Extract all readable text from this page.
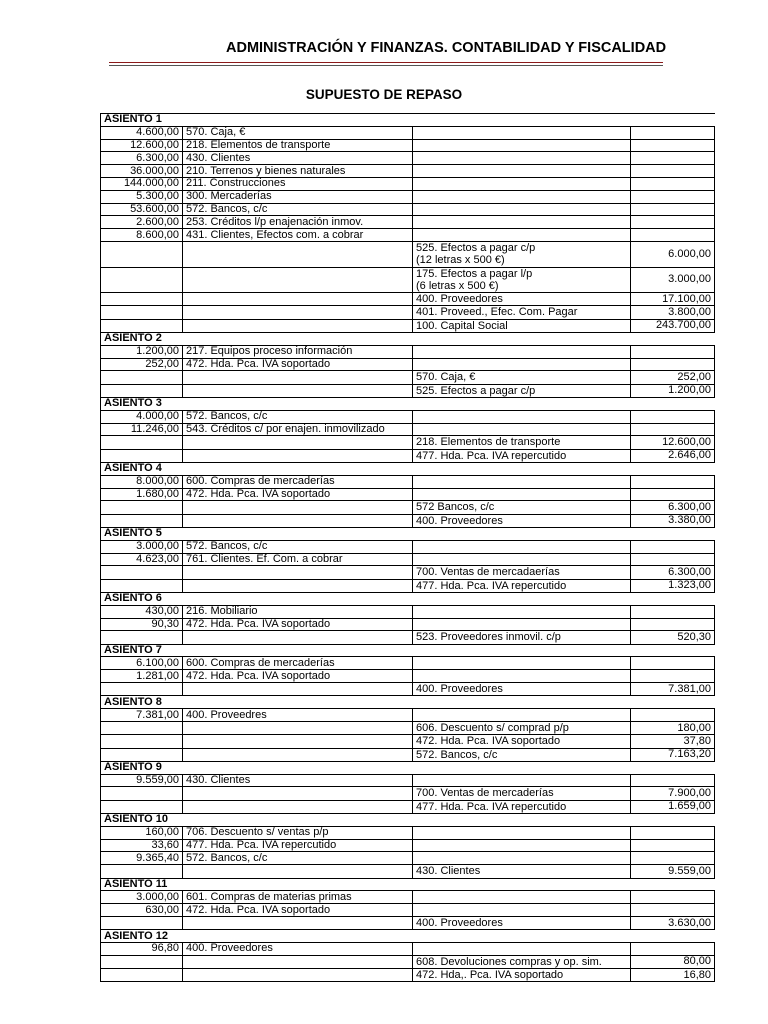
ADMINISTRACIÓN Y FINANZAS. CONTABILIDAD Y FISCALIDAD
SUPUESTO DE REPASO
ASIENTO 1			
4.600,00	570. Caja, €		
12.600,00	218. Elementos de transporte		
6.300,00	430. Clientes		
36.000,00	210. Terrenos y bienes naturales		
144.000,00	211. Construcciones		
5.300,00	300. Mercaderías		
53.600,00	572. Bancos, c/c		
2.600,00	253. Créditos l/p enajenación inmov.		
8.600,00	431. Clientes, Efectos com. a cobrar		
		525. Efectos a pagar c/p
(12 letras x 500 €)	6.000,00
		175. Efectos a pagar l/p
(6 letras x 500 €)	3.000,00
		400. Proveedores	17.100,00
		401. Proveed., Efec. Com. Pagar	3.800,00
		100. Capital Social	243.700,00
ASIENTO 2			
1.200,00	217. Equipos proceso información		
252,00	472. Hda. Pca. IVA soportado		
		570. Caja, €	252,00
		525. Efectos a pagar c/p	1.200,00
ASIENTO 3			
4.000,00	572. Bancos, c/c		
11.246,00	543. Créditos c/ por enajen. inmovilizado		
		218. Elementos de transporte	12.600,00
		477. Hda. Pca. IVA repercutido	2.646,00
ASIENTO 4			
8.000,00	600. Compras de mercaderías		
1.680,00	472. Hda. Pca. IVA soportado		
		572 Bancos, c/c	6.300,00
		400. Proveedores	3.380,00
ASIENTO 5			
3.000,00	572. Bancos, c/c		
4.623,00	761. Clientes. Ef. Com. a cobrar		
		700. Ventas de mercadaerías	6.300,00
		477. Hda. Pca. IVA repercutido	1.323,00
ASIENTO 6			
430,00	216. Mobiliario		
90,30	472. Hda. Pca. IVA soportado		
		523. Proveedores inmovil. c/p	520,30
ASIENTO 7			
6.100,00	600. Compras de mercaderías		
1.281,00	472. Hda. Pca. IVA soportado		
		400. Proveedores	7.381,00
ASIENTO 8			
7.381,00	400. Proveedres		
		606. Descuento s/ comprad p/p	180,00
		472. Hda. Pca. IVA soportado	37,80
		572. Bancos, c/c	7.163,20
ASIENTO 9			
9.559,00	430. Clientes		
		700. Ventas de mercaderías	7.900,00
		477. Hda. Pca. IVA repercutido	1.659,00
ASIENTO 10			
160,00	706. Descuento s/ ventas p/p		
33,60	477. Hda. Pca. IVA repercutido		
9.365,40	572. Bancos, c/c		
		430. Clientes	9.559,00
ASIENTO 11			
3.000,00	601. Compras de materias primas		
630,00	472. Hda. Pca. IVA soportado		
		400. Proveedores	3.630,00
ASIENTO 12			
96,80	400. Proveedores		
		608. Devoluciones compras y op. sim.	80,00
		472. Hda,. Pca. IVA soportado	16,80
